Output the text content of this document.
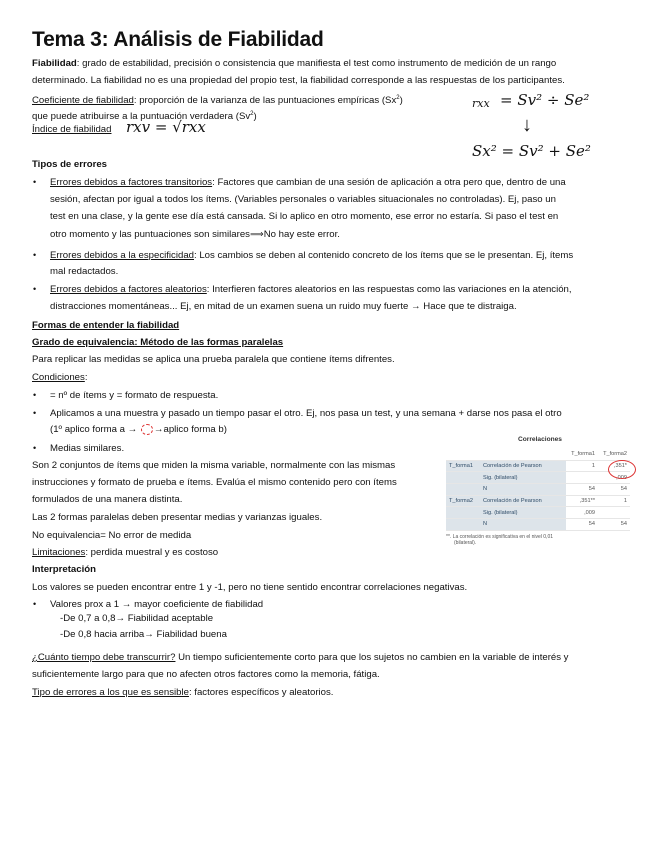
Tema 3: Análisis de Fiabilidad
Fiabilidad: grado de estabilidad, precisión o consistencia que manifiesta el test como instrumento de medición de un rango
determinado. La fiabilidad no es una propiedad del propio test, la fiabilidad corresponde a las respuestas de los participantes.
Coeficiente de fiabilidad: proporción de la varianza de las puntuaciones empíricas (Sx$^2$)
que puede atribuirse a la puntuación verdadera (Sv$^2$)
Índice de fiabilidad rxv = √rxx
rxx = Sv² ÷ Se²
↓
Sx² = Sv² + Se²
Tipos de errores
• Errores debidos a factores transitorios: Factores que cambian de una sesión de aplicación a otra pero que, dentro de una
sesión, afectan por igual a todos los ítems. (Variables personales o variables situacionales no controladas). Ej, paso un
test en una clase, y la gente ese día está cansada. Si lo aplico en otro momento, ese error no estaría. Si paso el test en
otro momento y las puntuaciones son similares⟹No hay este error.
• Errores debidos a la especificidad: Los cambios se deben al contenido concreto de los ítems que se le presentan. Ej, ítems
mal redactados.
• Errores debidos a factores aleatorios: Interfieren factores aleatorios en las respuestas como las variaciones en la atención,
distracciones momentáneas... Ej, en mitad de un examen suena un ruido muy fuerte → Hace que te distraiga.
Formas de entender la fiabilidad
Grado de equivalencia: Método de las formas paralelas
Para replicar las medidas se aplica una prueba paralela que contiene ítems difrentes.
Condiciones:
• = nº de ítems y = formato de respuesta.
• Aplicamos a una muestra y pasado un tiempo pasar el otro. Ej, nos pasa un test, y una semana + darse nos pasa el otro
(1º aplico forma a → →aplico forma b)
• Medias similares.
Son 2 conjuntos de ítems que miden la misma variable, normalmente con las mismas
instrucciones y formato de prueba e ítems. Evalúa el mismo contenido pero con ítems
formulados de una manera distinta.
Las 2 formas paralelas deben presentar medias y varianzas iguales.
No equivalencia= No error de medida
Limitaciones: perdida muestral y es costoso
Correlaciones
		T_forma1	T_forma2
T_forma1	Correlación de Pearson	1	,351*
	Sig. (bilateral)		,009
	N	54	54
T_forma2	Correlación de Pearson	,351**	1
	Sig. (bilateral)	,009	
	N	54	54
**. La correlación es significativa en el nivel 0,01
(bilateral).
Interpretación
Los valores se pueden encontrar entre 1 y -1, pero no tiene sentido encontrar correlaciones negativas.
• Valores prox a 1 → mayor coeficiente de fiabilidad
-De 0,7 a 0,8→ Fiabilidad aceptable
-De 0,8 hacia arriba→ Fiabilidad buena
¿Cuánto tiempo debe transcurrir? Un tiempo suficientemente corto para que los sujetos no cambien en la variable de interés y
suficientemente largo para que no afecten otros factores como la memoria, fátiga.
Tipo de errores a los que es sensible: factores específicos y aleatorios.
